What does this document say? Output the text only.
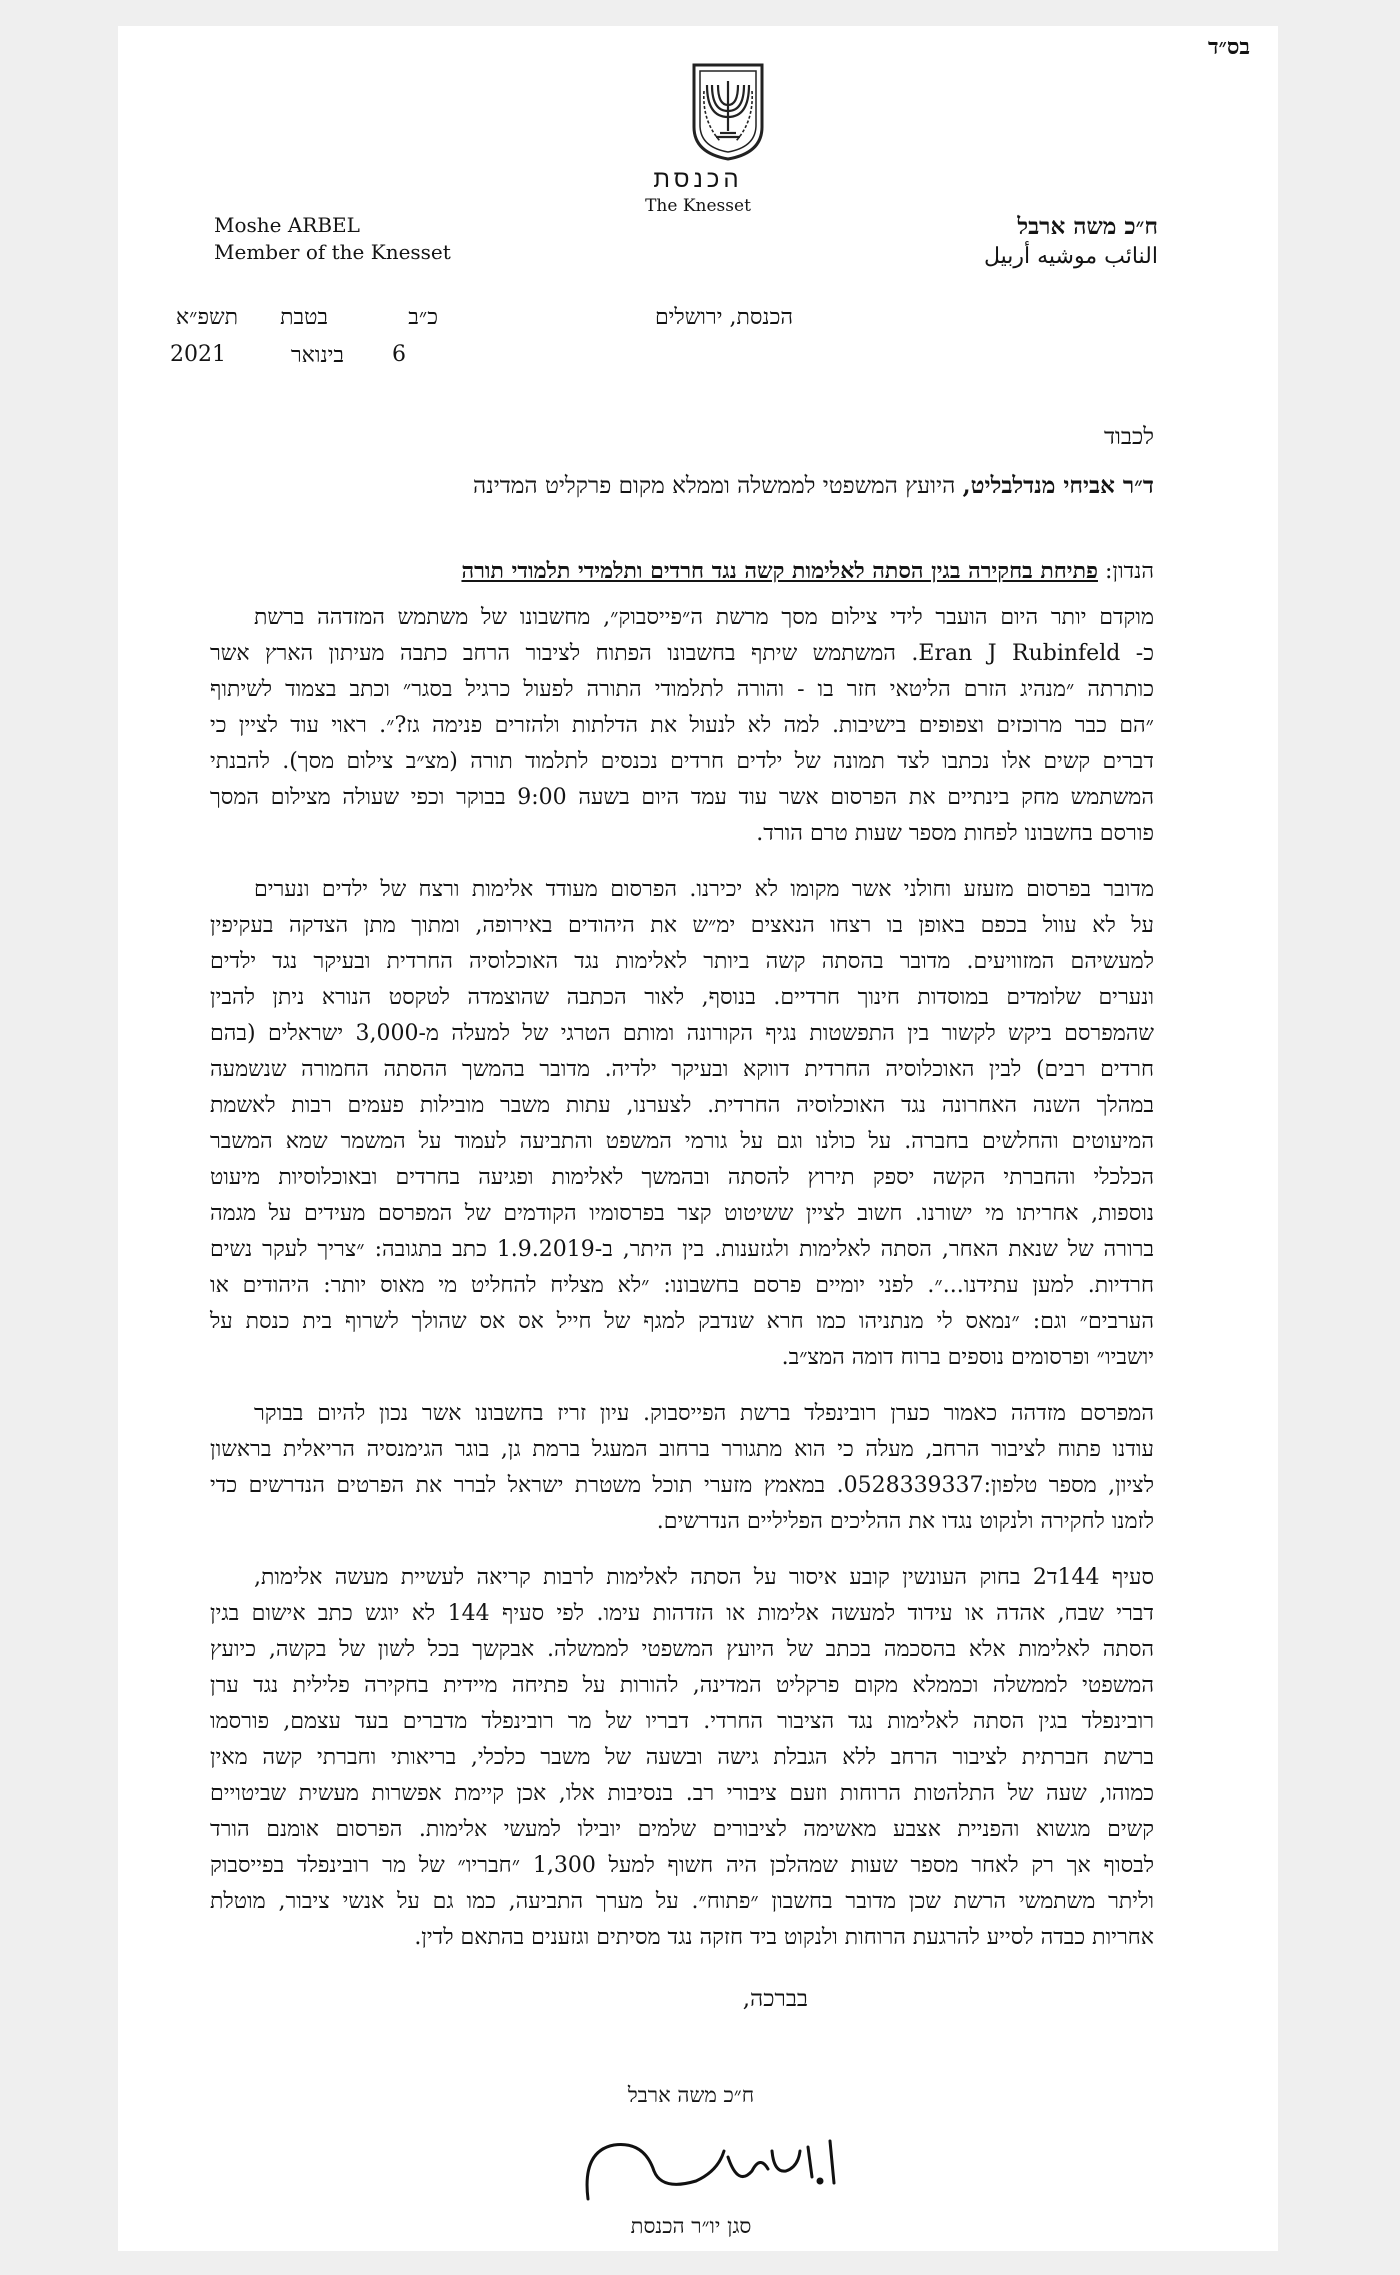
בס״ד
הכנסת
The Knesset
Moshe ARBEL
Member of the Knesset
ח״כ משה ארבל
النائب موشيه أربيل
הכנסת, ירושלים
כ״ב
בטבת
תשפ״א
6
בינואר
2021
לכבוד
ד״ר אביחי מנדלבליט, היועץ המשפטי לממשלה וממלא מקום פרקליט המדינה
הנדון: פתיחת בחקירה בגין הסתה לאלימות קשה נגד חרדים ותלמידי תלמודי תורה
מוקדם יותר היום הועבר לידי צילום מסך מרשת ה״פייסבוק״, מחשבונו של משתמש המזדהה ברשת
כ- Eran J Rubinfeld. המשתמש שיתף בחשבונו הפתוח לציבור הרחב כתבה מעיתון הארץ אשר
כותרתה ״מנהיג הזרם הליטאי חזר בו - והורה לתלמודי התורה לפעול כרגיל בסגר״ וכתב בצמוד לשיתוף
״הם כבר מרוכזים וצפופים בישיבות. למה לא לנעול את הדלתות ולהזרים פנימה גז?״. ראוי עוד לציין כי
דברים קשים אלו נכתבו לצד תמונה של ילדים חרדים נכנסים לתלמוד תורה (מצ״ב צילום מסך). להבנתי
המשתמש מחק בינתיים את הפרסום אשר עוד עמד היום בשעה 9:00 בבוקר וכפי שעולה מצילום המסך
פורסם בחשבונו לפחות מספר שעות טרם הורד.
מדובר בפרסום מזעזע וחולני אשר מקומו לא יכירנו. הפרסום מעודד אלימות ורצח של ילדים ונערים
על לא עוול בכפם באופן בו רצחו הנאצים ימ״ש את היהודים באירופה, ומתוך מתן הצדקה בעקיפין
למעשיהם המזוויעים. מדובר בהסתה קשה ביותר לאלימות נגד האוכלוסיה החרדית ובעיקר נגד ילדים
ונערים שלומדים במוסדות חינוך חרדיים. בנוסף, לאור הכתבה שהוצמדה לטקסט הנורא ניתן להבין
שהמפרסם ביקש לקשור בין התפשטות נגיף הקורונה ומותם הטרגי של למעלה מ-3,000 ישראלים (בהם
חרדים רבים) לבין האוכלוסיה החרדית דווקא ובעיקר ילדיה. מדובר בהמשך ההסתה החמורה שנשמעה
במהלך השנה האחרונה נגד האוכלוסיה החרדית. לצערנו, עתות משבר מובילות פעמים רבות לאשמת
המיעוטים והחלשים בחברה. על כולנו וגם על גורמי המשפט והתביעה לעמוד על המשמר שמא המשבר
הכלכלי והחברתי הקשה יספק תירוץ להסתה ובהמשך לאלימות ופגיעה בחרדים ובאוכלוסיות מיעוט
נוספות, אחריתו מי ישורנו. חשוב לציין ששיטוט קצר בפרסומיו הקודמים של המפרסם מעידים על מגמה
ברורה של שנאת האחר, הסתה לאלימות ולגזענות. בין היתר, ב-1.9.2019 כתב בתגובה: ״צריך לעקר נשים
חרדיות. למען עתידנו...״. לפני יומיים פרסם בחשבונו: ״לא מצליח להחליט מי מאוס יותר: היהודים או
הערבים״ וגם: ״נמאס לי מנתניהו כמו חרא שנדבק למגף של חייל אס אס שהולך לשרוף בית כנסת על
יושביו״ ופרסומים נוספים ברוח דומה המצ״ב.
המפרסם מזדהה כאמור כערן רובינפלד ברשת הפייסבוק. עיון זריז בחשבונו אשר נכון להיום בבוקר
עודנו פתוח לציבור הרחב, מעלה כי הוא מתגורר ברחוב המעגל ברמת גן, בוגר הגימנסיה הריאלית בראשון
לציון, מספר טלפון:0528339337. במאמץ מזערי תוכל משטרת ישראל לברר את הפרטים הנדרשים כדי
לזמנו לחקירה ולנקוט נגדו את ההליכים הפליליים הנדרשים.
סעיף 144ד2 בחוק העונשין קובע איסור על הסתה לאלימות לרבות קריאה לעשיית מעשה אלימות,
דברי שבח, אהדה או עידוד למעשה אלימות או הזדהות עימו. לפי סעיף 144 לא יוגש כתב אישום בגין
הסתה לאלימות אלא בהסכמה בכתב של היועץ המשפטי לממשלה. אבקשך בכל לשון של בקשה, כיועץ
המשפטי לממשלה וכממלא מקום פרקליט המדינה, להורות על פתיחה מיידית בחקירה פלילית נגד ערן
רובינפלד בגין הסתה לאלימות נגד הציבור החרדי. דבריו של מר רובינפלד מדברים בעד עצמם, פורסמו
ברשת חברתית לציבור הרחב ללא הגבלת גישה ובשעה של משבר כלכלי, בריאותי וחברתי קשה מאין
כמוהו, שעה של התלהטות הרוחות וזעם ציבורי רב. בנסיבות אלו, אכן קיימת אפשרות מעשית שביטויים
קשים מגשוא והפניית אצבע מאשימה לציבורים שלמים יובילו למעשי אלימות. הפרסום אומנם הורד
לבסוף אך רק לאחר מספר שעות שמהלכן היה חשוף למעל 1,300 ״חבריו״ של מר רובינפלד בפייסבוק
וליתר משתמשי הרשת שכן מדובר בחשבון ״פתוח״. על מערך התביעה, כמו גם על אנשי ציבור, מוטלת
אחריות כבדה לסייע להרגעת הרוחות ולנקוט ביד חזקה נגד מסיתים וגזענים בהתאם לדין.
בברכה,
ח״כ משה ארבל
סגן יו״ר הכנסת
